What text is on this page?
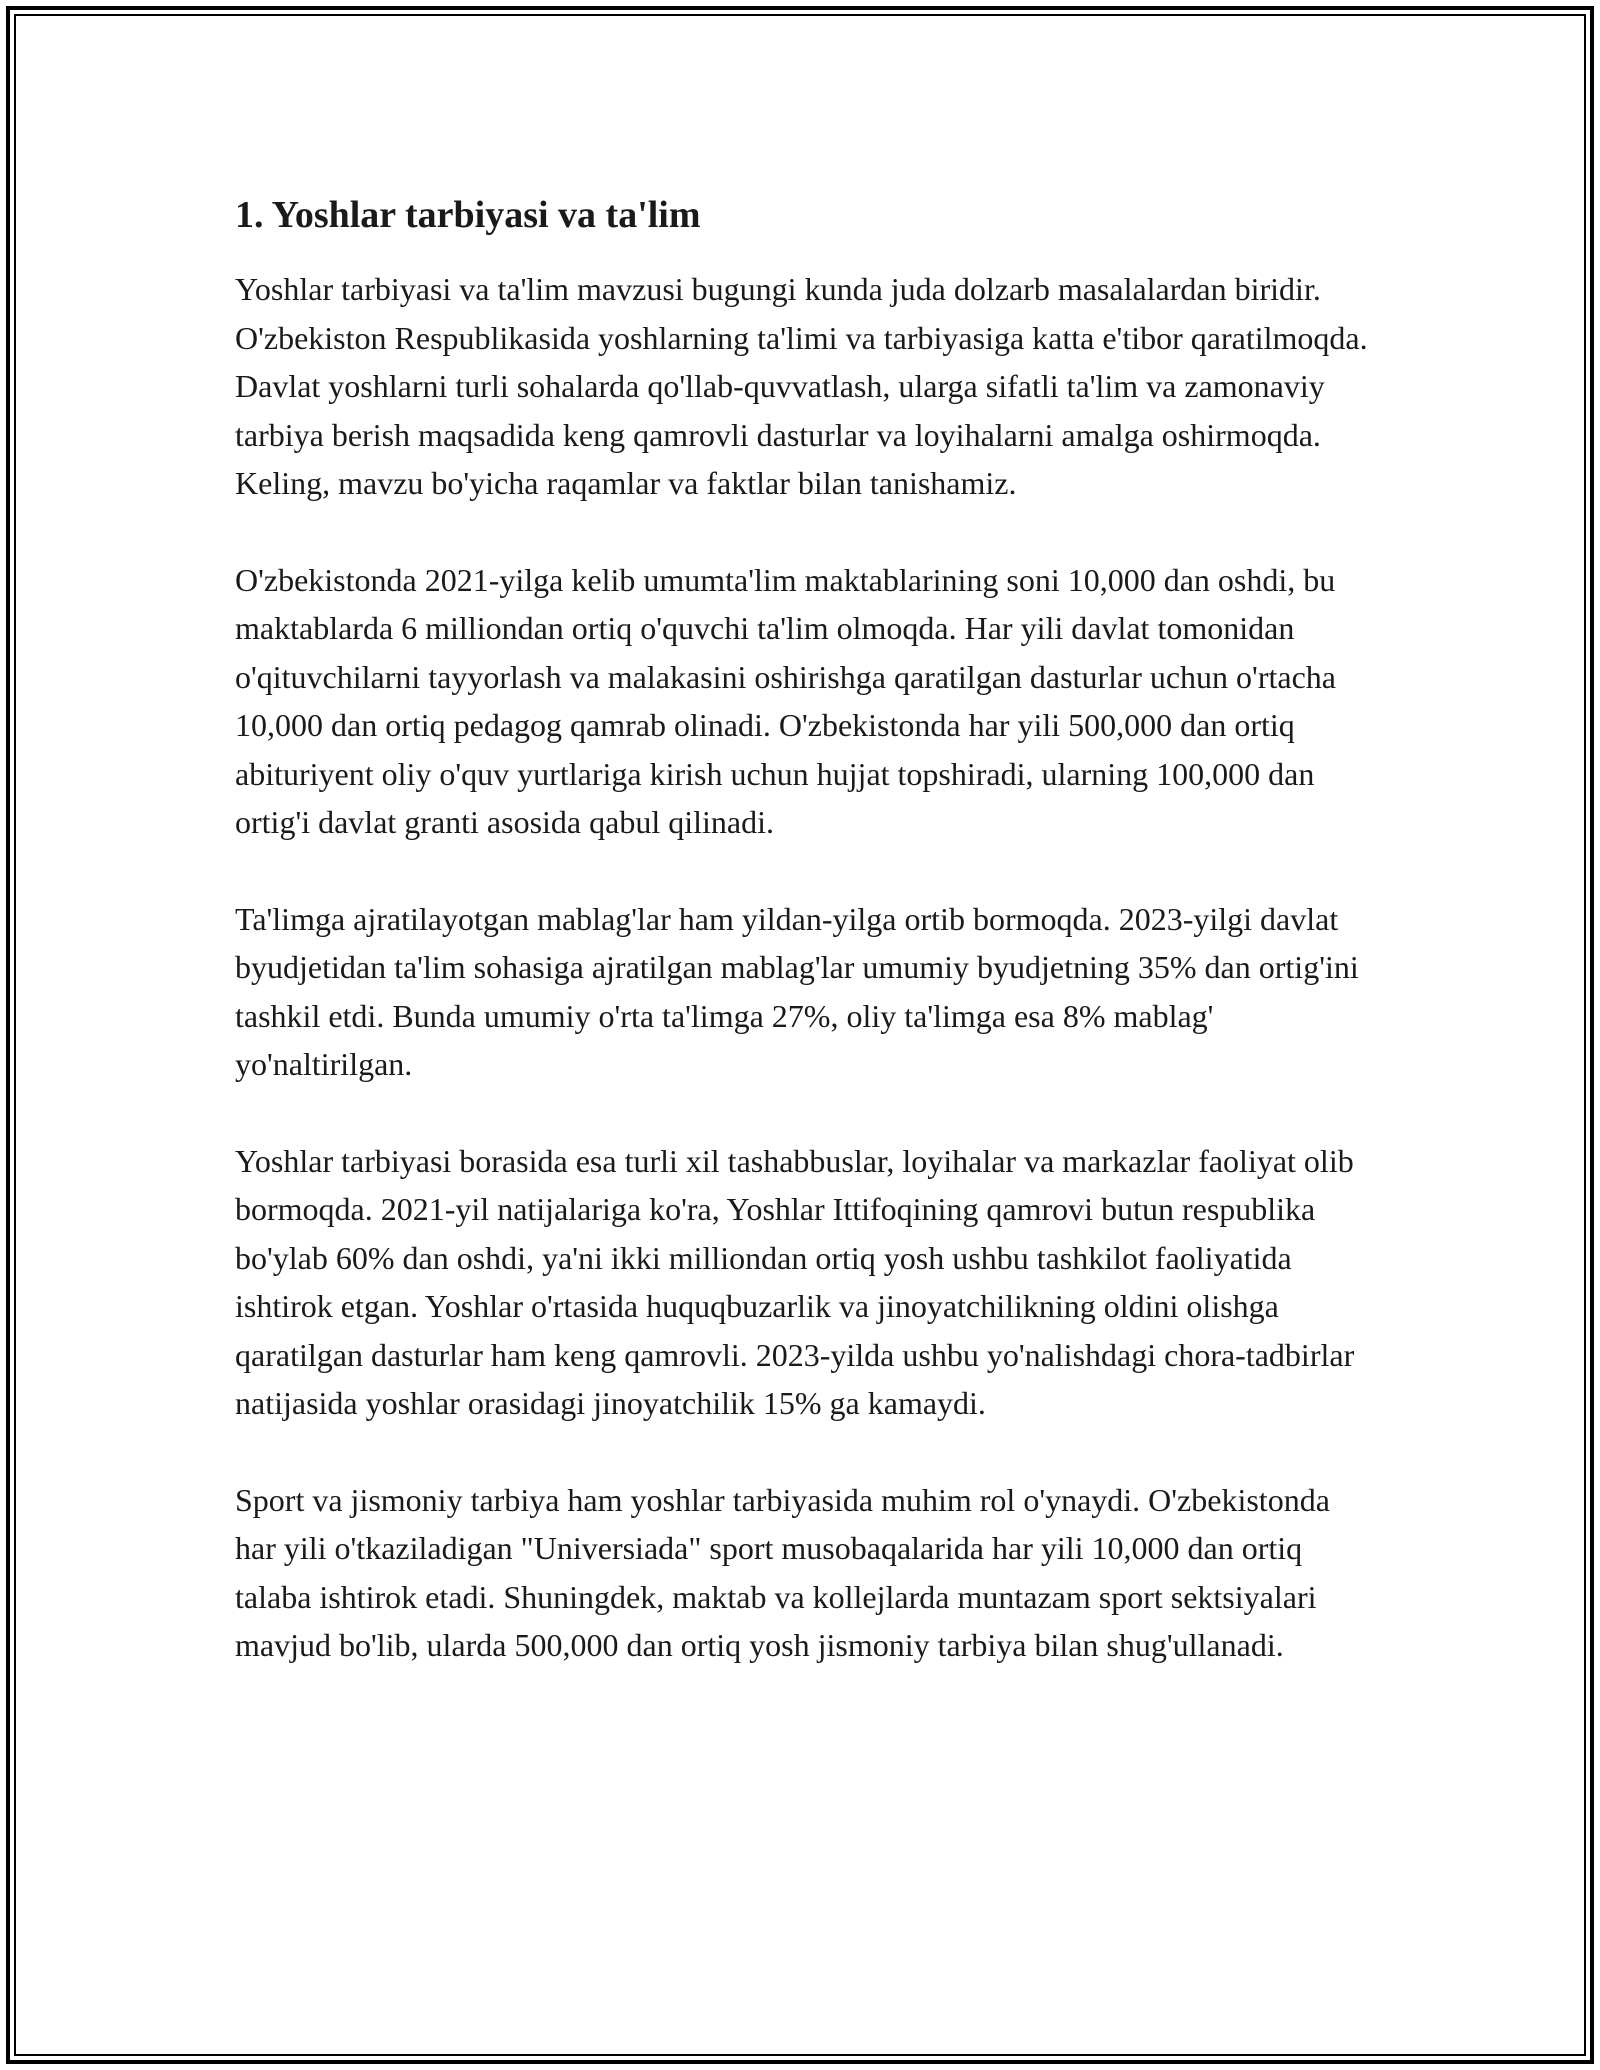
1. Yoshlar tarbiyasi va ta'lim

Yoshlar tarbiyasi va ta'lim mavzusi bugungi kunda juda dolzarb masalalardan biridir. O'zbekiston Respublikasida yoshlarning ta'limi va tarbiyasiga katta e'tibor qaratilmoqda. Davlat yoshlarni turli sohalarda qo'llab-quvvatlash, ularga sifatli ta'lim va zamonaviy tarbiya berish maqsadida keng qamrovli dasturlar va loyihalarni amalga oshirmoqda. Keling, mavzu bo'yicha raqamlar va faktlar bilan tanishamiz.

O'zbekistonda 2021-yilga kelib umumta'lim maktablarining soni 10,000 dan oshdi, bu maktablarda 6 milliondan ortiq o'quvchi ta'lim olmoqda. Har yili davlat tomonidan o'qituvchilarni tayyorlash va malakasini oshirishga qaratilgan dasturlar uchun o'rtacha 10,000 dan ortiq pedagog qamrab olinadi. O'zbekistonda har yili 500,000 dan ortiq abituriyent oliy o'quv yurtlariga kirish uchun hujjat topshiradi, ularning 100,000 dan ortig'i davlat granti asosida qabul qilinadi.

Ta'limga ajratilayotgan mablag'lar ham yildan-yilga ortib bormoqda. 2023-yilgi davlat byudjetidan ta'lim sohasiga ajratilgan mablag'lar umumiy byudjetning 35% dan ortig'ini tashkil etdi. Bunda umumiy o'rta ta'limga 27%, oliy ta'limga esa 8% mablag' yo'naltirilgan.

Yoshlar tarbiyasi borasida esa turli xil tashabbuslar, loyihalar va markazlar faoliyat olib bormoqda. 2021-yil natijalariga ko'ra, Yoshlar Ittifoqining qamrovi butun respublika bo'ylab 60% dan oshdi, ya'ni ikki milliondan ortiq yosh ushbu tashkilot faoliyatida ishtirok etgan. Yoshlar o'rtasida huquqbuzarlik va jinoyatchilikning oldini olishga qaratilgan dasturlar ham keng qamrovli. 2023-yilda ushbu yo'nalishdagi chora-tadbirlar natijasida yoshlar orasidagi jinoyatchilik 15% ga kamaydi.

Sport va jismoniy tarbiya ham yoshlar tarbiyasida muhim rol o'ynaydi. O'zbekistonda har yili o'tkaziladigan "Universiada" sport musobaqalarida har yili 10,000 dan ortiq talaba ishtirok etadi. Shuningdek, maktab va kollejlarda muntazam sport sektsiyalari mavjud bo'lib, ularda 500,000 dan ortiq yosh jismoniy tarbiya bilan shug'ullanadi.
